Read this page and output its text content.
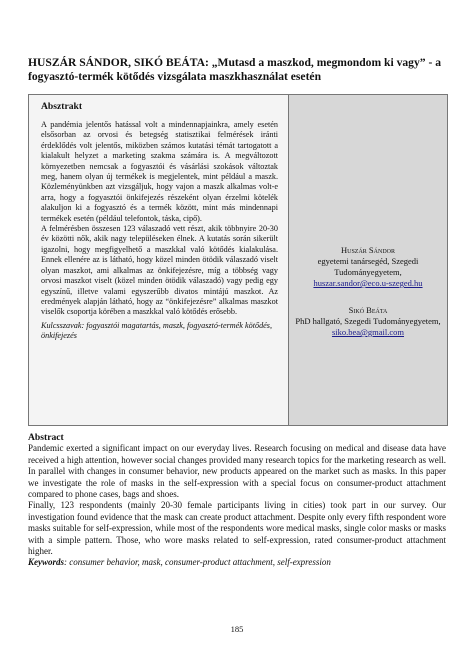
HUSZÁR SÁNDOR, SIKÓ BEÁTA: „Mutasd a maszkod, megmondom ki vagy” - a fogyasztó-termék kötődés vizsgálata maszkhasználat esetén
Absztrakt

A pandémia jelentős hatással volt a mindennapjainkra, amely esetén elsősorban az orvosi és betegség statisztikai felmérések iránti érdeklődés volt jelentős, miközben számos kutatási témát tartogatott a kialakult helyzet a marketing szakma számára is. A megváltozott környezetben nemcsak a fogyasztói és vásárlási szokások változtak meg, hanem olyan új termékek is megjelentek, mint például a maszk. Közleményünkben azt vizsgáljuk, hogy vajon a maszk alkalmas volt-e arra, hogy a fogyasztói önkifejezés részeként olyan érzelmi kötelék alakuljon ki a fogyasztó és a termék között, mint más mindennapi termékek esetén (például telefontok, táska, cipő).

A felmérésben összesen 123 válaszadó vett részt, akik többnyire 20-30 év közötti nők, akik nagy településeken élnek. A kutatás során sikerült igazolni, hogy megfigyelhető a maszkkal való kötődés kialakulása. Ennek ellenére az is látható, hogy közel minden ötödik válaszadó viselt olyan maszkot, ami alkalmas az önkifejezésre, míg a többség vagy orvosi maszkot viselt (közel minden ötödik válaszadó) vagy pedig egy egyszínű, illetve valami egyszerűbb divatos mintájú maszkot. Az eredmények alapján látható, hogy az “önkifejezésre” alkalmas maszkot viselők csoportja körében a maszkkal való kötődés erősebb.

Kulcsszavak: fogyasztói magatartás, maszk, fogyasztó-termék kötődés, önkifejezés
Huszár Sándor
egyetemi tanársegéd, Szegedi Tudományegyetem,
huszar.sandor@eco.u-szeged.hu
Sikó Beáta
PhD hallgató, Szegedi Tudományegyetem,
siko.bea@gmail.com
Abstract

Pandemic exerted a significant impact on our everyday lives. Research focusing on medical and disease data have received a high attention, however social changes provided many research topics for the marketing research as well. In parallel with changes in consumer behavior, new products appeared on the market such as masks. In this paper we investigate the role of masks in the self-expression with a special focus on consumer-product attachment compared to phone cases, bags and shoes.

Finally, 123 respondents (mainly 20-30 female participants living in cities) took part in our survey. Our investigation found evidence that the mask can create product attachment. Despite only every fifth respondent wore masks suitable for self-expression, while most of the respondents wore medical masks, single color masks or masks with a simple pattern. Those, who wore masks related to self-expression, rated consumer-product attachment higher.

Keywords: consumer behavior, mask, consumer-product attachment, self-expression

185
